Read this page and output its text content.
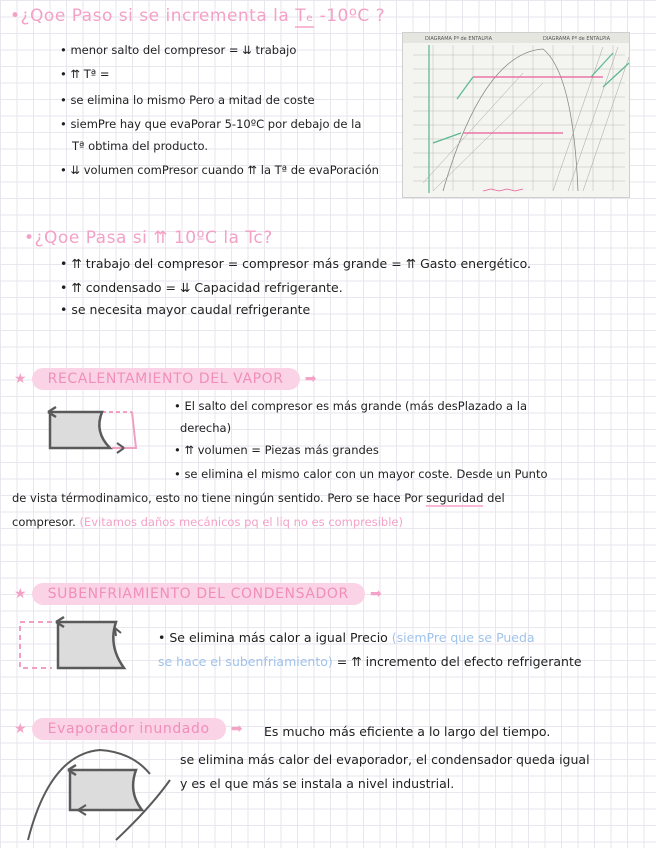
•¿Qoe Paso si se incrementa la Tₑ -10ºC ?
• menor salto del compresor = ⇊ trabajo
• ⇈ Tª =
• se elimina lo mismo Pero a mitad de coste
• siemPre hay que evaPorar 5-10ºC por debajo de la
Tª obtima del producto.
• ⇊ volumen comPresor cuando ⇈ la Tª de evaPoración
DIAGRAMA Pº de ENTALPIA	DIAGRAMA Pº de ENTALPIA
•¿Qoe Pasa si ⇈ 10ºC la Tc?
• ⇈ trabajo del compresor = compresor más grande = ⇈ Gasto energético.
• ⇈ condensado = ⇊ Capacidad refrigerante.
• se necesita mayor caudal refrigerante
★ RECALENTAMIENTO DEL VAPOR ➡
• El salto del compresor es más grande (más desPlazado a la
derecha)
• ⇈ volumen = Piezas más grandes
• se elimina el mismo calor con un mayor coste. Desde un Punto
de vista térmodinamico, esto no tiene ningún sentido. Pero se hace Por seguridad del
compresor. (Evitamos daños mecánicos pq el liq no es compresible)
★ SUBENFRIAMIENTO DEL CONDENSADOR ➡
• Se elimina más calor a igual Precio (siemPre que se Pueda
se hace el subenfriamiento) = ⇈ incremento del efecto refrigerante
★ Evaporador inundado ➡ Es mucho más eficiente a lo largo del tiempo.
se elimina más calor del evaporador, el condensador queda igual
y es el que más se instala a nivel industrial.
